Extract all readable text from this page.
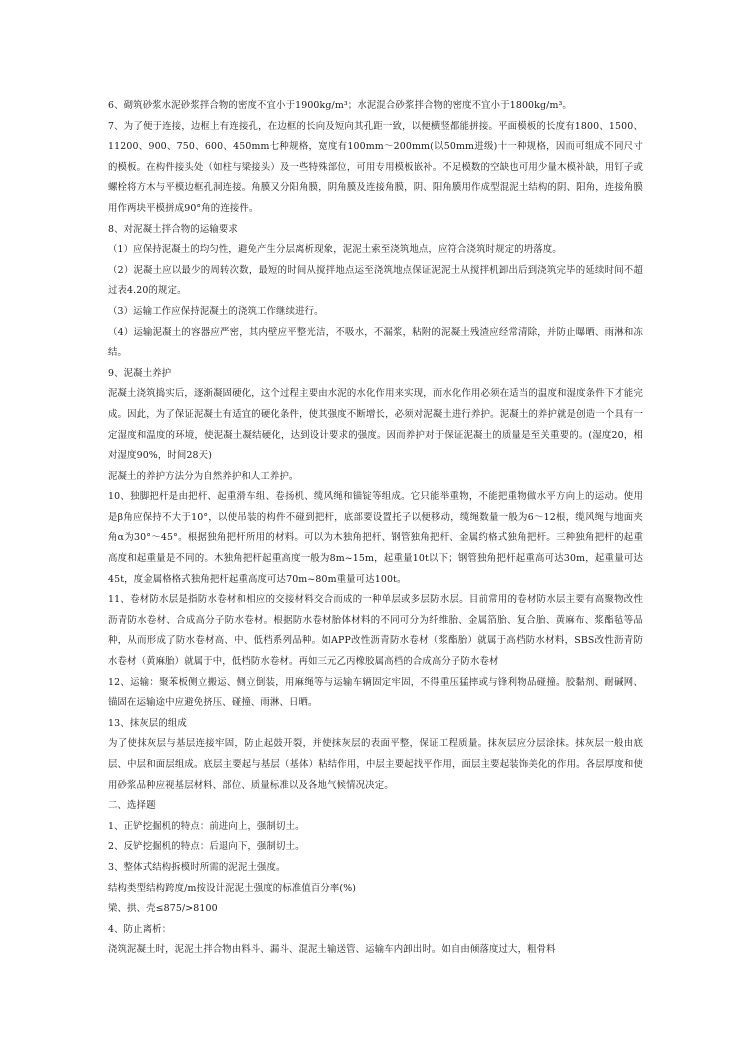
6、砌筑砂浆水泥砂浆拌合物的密度不宜小于1900kg/m³；水泥混合砂浆拌合物的密度不宜小于1800kg/m³。

7、为了便于连接，边框上有连接孔，在边框的长向及短向其孔距一致，以便横竖都能拼接。平面模板的长度有1800、1500、11200、900、750、600、450mm七种规格，宽度有100mm～200mm(以50mm进级)十一种规格，因而可组成不同尺寸的模板。在构件接头处（如柱与梁接头）及一些特殊部位，可用专用模板嵌补。不足模数的空缺也可用少量木模补缺，用钉子或螺栓将方木与平模边框孔洞连接。角膜又分阳角膜，阴角膜及连接角膜，阴、阳角膜用作成型混泥土结构的阴、阳角，连接角膜用作两块平模拼成90°角的连接件。

8、对泥凝土拌合物的运输要求

（1）应保持泥凝土的均匀性，避免产生分层离析现象，泥泥土索至浇筑地点，应符合浇筑时规定的坍落度。

（2）泥凝土应以最少的周转次数，最短的时间从搅拌地点运至浇筑地点保证泥泥土从搅拌机卸出后到浇筑完毕的延续时间不超过表4.20的规定。

（3）运输工作应保持泥凝土的浇筑工作继续进行。

（4）运输泥凝土的容器应严密，其内壁应平整光洁，不吸水，不漏浆，粘附的泥凝土残渣应经常清除，并防止曝晒、雨淋和冻结。

9、泥凝土养护

泥凝土浇筑捣实后，逐渐凝固硬化，这个过程主要由水泥的水化作用来实现，而水化作用必须在适当的温度和湿度条件下才能完成。因此，为了保证泥凝土有适宜的硬化条件，使其强度不断增长，必须对泥凝土进行养护。泥凝土的养护就是创造一个具有一定湿度和温度的环境，使泥凝土凝结硬化，达到设计要求的强度。因而养护对于保证泥凝土的质量是至关重要的。(湿度20，相对湿度90%，时间28天)

泥凝土的养护方法分为自然养护和人工养护。

10、独脚把杆是由把杆、起重滑车组、卷扬机、缆风绳和锚锭等组成。它只能举重物，不能把重物做水平方向上的运动。使用是β角应保持不大于10°，以使吊装的构件不碰到把杆，底部要设置托子以便移动，缆绳数量一般为6～12根，缆风绳与地面夹角α为30°～45°。根据独角把杆所用的材料。可以为木独角把杆、钢管独角把杆、金属约格式独角把杆。三种独角把杆的起重高度和起重量是不同的。木独角把杆起重高度一般为8m~15m，起重量10t以下；钢管独角把杆起重高可达30m，起重量可达45t，度金属格格式独角把杆起重高度可达70m~80m重量可达100t。

11、卷材防水层是指防水卷材和相应的交接材料交合而成的一种单层或多层防水层。目前常用的卷材防水层主要有高聚物改性沥青防水卷材、合成高分子防水卷材。根据防水卷材胎体材料的不同可分为纤维胎、金属箔胎、复合胎、黄麻布、浆酯毡等品种，从而形成了防水卷材高、中、低档系列品种。如APP改性沥青防水卷材（浆酯胎）就属于高档防水材料，SBS改性沥青防水卷材（黄麻胎）就属于中，低档防水卷材。再如三元乙丙橡胶属高档的合成高分子防水卷材

12、运输：聚苯板侧立搬运、侧立倒装，用麻绳等与运输车辆固定牢固，不得重压猛摔或与锋利物品碰撞。胶黏剂、耐碱网、锚固在运输途中应避免挤压、碰撞、雨淋、日晒。

13、抹灰层的组成

为了使抹灰层与基层连接牢固，防止起鼓开裂，并使抹灰层的表面平整，保证工程质量。抹灰层应分层涂抹。抹灰层一般由底层、中层和面层组成。底层主要起与基层（基体）粘结作用，中层主要起找平作用，面层主要起装饰美化的作用。各层厚度和使用砂浆品种应视基层材料、部位、质量标准以及各地气候情况决定。

二、选择题

1、正铲挖掘机的特点：前进向上，强制切土。

2、反铲挖掘机的特点：后退向下，强制切土。

3、整体式结构拆模时所需的泥泥土强度。

结构类型结构跨度/m按设计泥泥土强度的标准值百分率(%)

梁、拱、壳≤875/>8100

4、防止离析：

浇筑泥凝土时，泥泥土拌合物由料斗、漏斗、混泥土输送管、运输车内卸出时。如自由倾落度过大，粗骨料
